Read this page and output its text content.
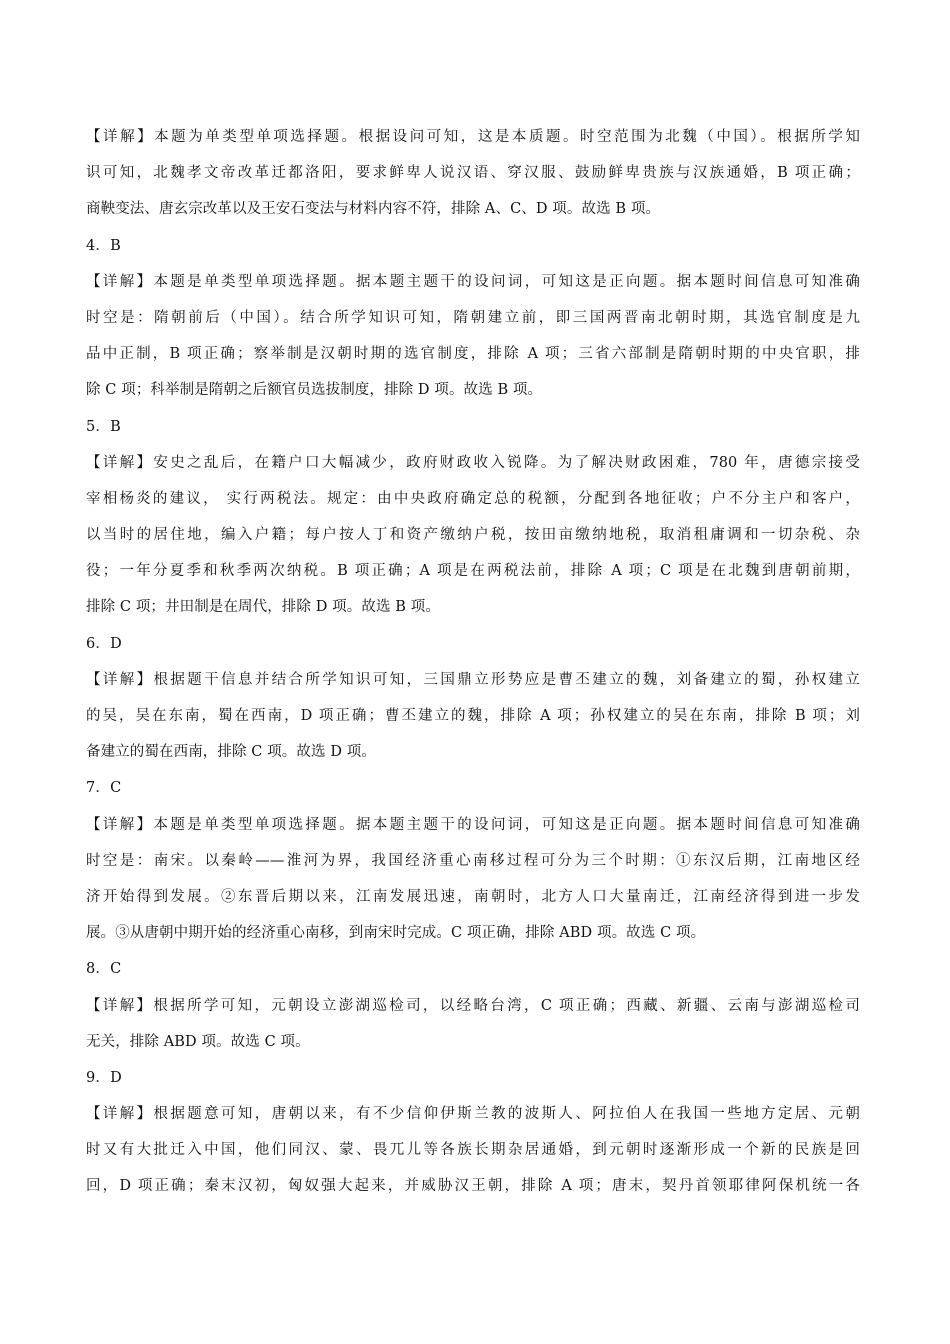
【详解】本题为单类型单项选择题。根据设问可知，这是本质题。时空范围为北魏（中国）。根据所学知
识可知，北魏孝文帝改革迁都洛阳，要求鲜卑人说汉语、穿汉服、鼓励鲜卑贵族与汉族通婚，B 项正确；
商鞅变法、唐玄宗改革以及王安石变法与材料内容不符，排除 A、C、D 项。故选 B 项。
4．B
【详解】本题是单类型单项选择题。据本题主题干的设问词，可知这是正向题。据本题时间信息可知准确
时空是：隋朝前后（中国）。结合所学知识可知，隋朝建立前，即三国两晋南北朝时期，其选官制度是九
品中正制，B 项正确；察举制是汉朝时期的选官制度，排除 A 项；三省六部制是隋朝时期的中央官职，排
除 C 项；科举制是隋朝之后额官员选拔制度，排除 D 项。故选 B 项。
5．B
【详解】安史之乱后，在籍户口大幅减少，政府财政收入锐降。为了解决财政困难，780 年，唐德宗接受
宰相杨炎的建议， 实行两税法。规定：由中央政府确定总的税额，分配到各地征收；户不分主户和客户，
以当时的居住地，编入户籍；每户按人丁和资产缴纳户税，按田亩缴纳地税，取消租庸调和一切杂税、杂
役；一年分夏季和秋季两次纳税。B 项正确；A 项是在两税法前，排除 A 项；C 项是在北魏到唐朝前期，
排除 C 项；井田制是在周代，排除 D 项。故选 B 项。
6．D
【详解】根据题干信息并结合所学知识可知，三国鼎立形势应是曹丕建立的魏，刘备建立的蜀，孙权建立
的吴，吴在东南，蜀在西南，D 项正确；曹丕建立的魏，排除 A 项；孙权建立的吴在东南，排除 B 项；刘
备建立的蜀在西南，排除 C 项。故选 D 项。
7．C
【详解】本题是单类型单项选择题。据本题主题干的设问词，可知这是正向题。据本题时间信息可知准确
时空是：南宋。以秦岭——淮河为界，我国经济重心南移过程可分为三个时期：①东汉后期，江南地区经
济开始得到发展。②东晋后期以来，江南发展迅速，南朝时，北方人口大量南迁，江南经济得到进一步发
展。③从唐朝中期开始的经济重心南移，到南宋时完成。C 项正确，排除 ABD 项。故选 C 项。
8．C
【详解】根据所学可知，元朝设立澎湖巡检司，以经略台湾，C 项正确；西藏、新疆、云南与澎湖巡检司
无关，排除 ABD 项。故选 C 项。
9．D
【详解】根据题意可知，唐朝以来，有不少信仰伊斯兰教的波斯人、阿拉伯人在我国一些地方定居、元朝
时又有大批迁入中国，他们同汉、蒙、畏兀儿等各族长期杂居通婚，到元朝时逐渐形成一个新的民族是回
回，D 项正确；秦末汉初，匈奴强大起来，并威胁汉王朝，排除 A 项；唐末，契丹首领耶律阿保机统一各
